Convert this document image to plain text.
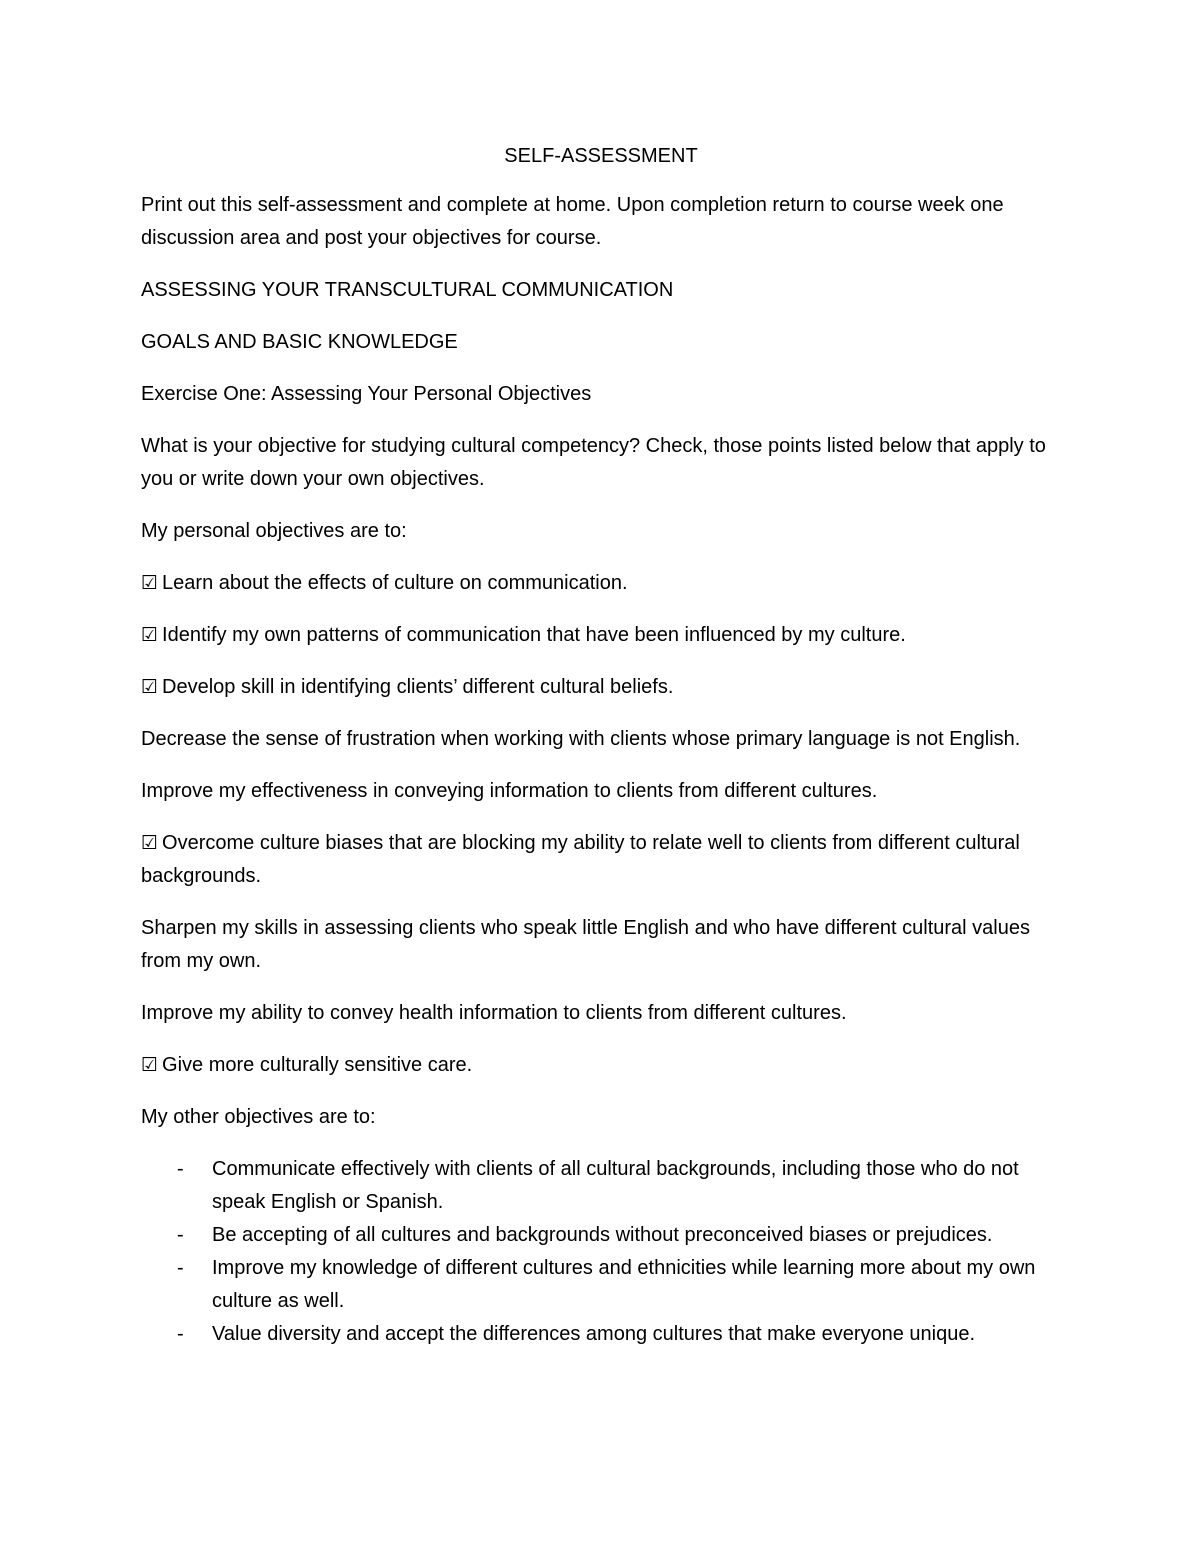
SELF-ASSESSMENT

Print out this self-assessment and complete at home. Upon completion return to course week one discussion area and post your objectives for course.

ASSESSING YOUR TRANSCULTURAL COMMUNICATION

GOALS AND BASIC KNOWLEDGE

Exercise One: Assessing Your Personal Objectives

What is your objective for studying cultural competency? Check, those points listed below that apply to you or write down your own objectives.

My personal objectives are to:

☑ Learn about the effects of culture on communication.

☑ Identify my own patterns of communication that have been influenced by my culture.

☑ Develop skill in identifying clients’ different cultural beliefs.

Decrease the sense of frustration when working with clients whose primary language is not English.

Improve my effectiveness in conveying information to clients from different cultures.

☑ Overcome culture biases that are blocking my ability to relate well to clients from different cultural backgrounds.

Sharpen my skills in assessing clients who speak little English and who have different cultural values from my own.

Improve my ability to convey health information to clients from different cultures.

☑ Give more culturally sensitive care.

My other objectives are to:

- Communicate effectively with clients of all cultural backgrounds, including those who do not speak English or Spanish.
- Be accepting of all cultures and backgrounds without preconceived biases or prejudices.
- Improve my knowledge of different cultures and ethnicities while learning more about my own culture as well.
- Value diversity and accept the differences among cultures that make everyone unique.
